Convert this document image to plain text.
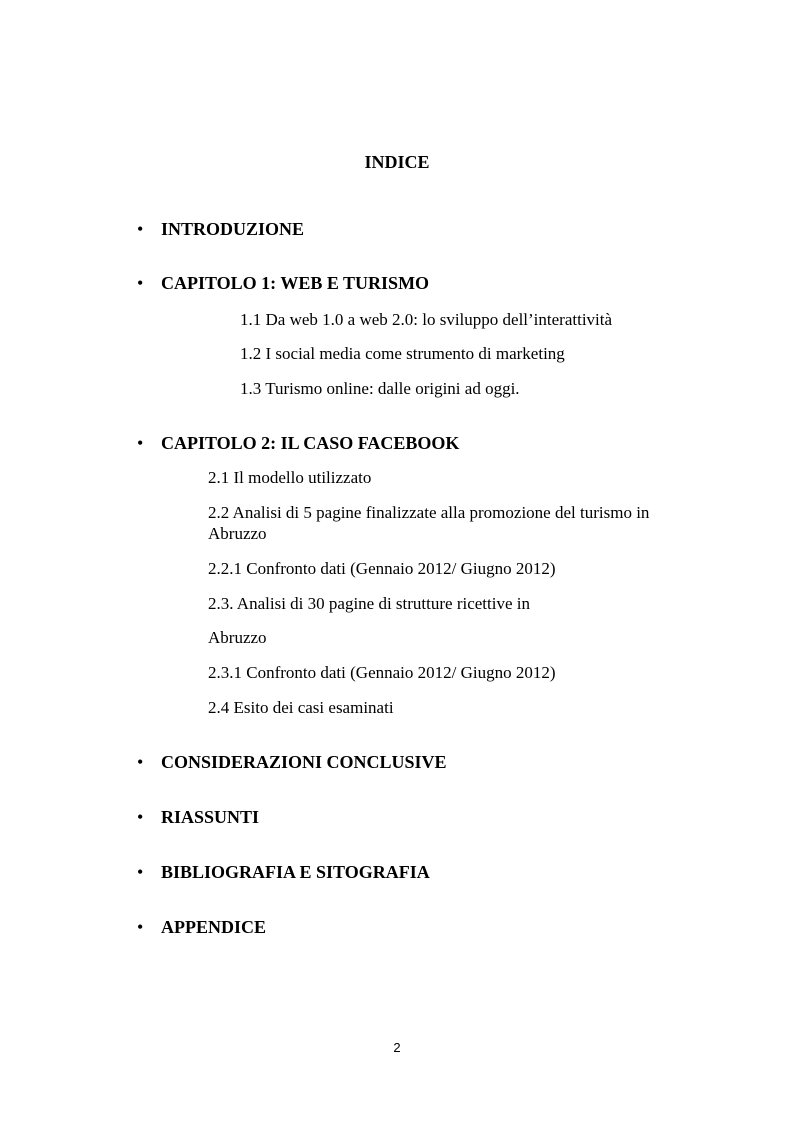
INDICE
• INTRODUZIONE
• CAPITOLO 1: WEB E TURISMO
1.1 Da web 1.0 a web 2.0: lo sviluppo dell’interattività
1.2 I social media come strumento di marketing
1.3 Turismo online: dalle origini ad oggi.
• CAPITOLO 2: IL CASO FACEBOOK
2.1 Il modello utilizzato
2.2 Analisi di 5 pagine finalizzate alla promozione del turismo in Abruzzo
2.2.1 Confronto dati (Gennaio 2012/ Giugno 2012)
2.3. Analisi di 30 pagine di strutture ricettive in
Abruzzo
2.3.1 Confronto dati (Gennaio 2012/ Giugno 2012)
2.4 Esito dei casi esaminati
• CONSIDERAZIONI CONCLUSIVE
• RIASSUNTI
• BIBLIOGRAFIA E SITOGRAFIA
• APPENDICE
2
